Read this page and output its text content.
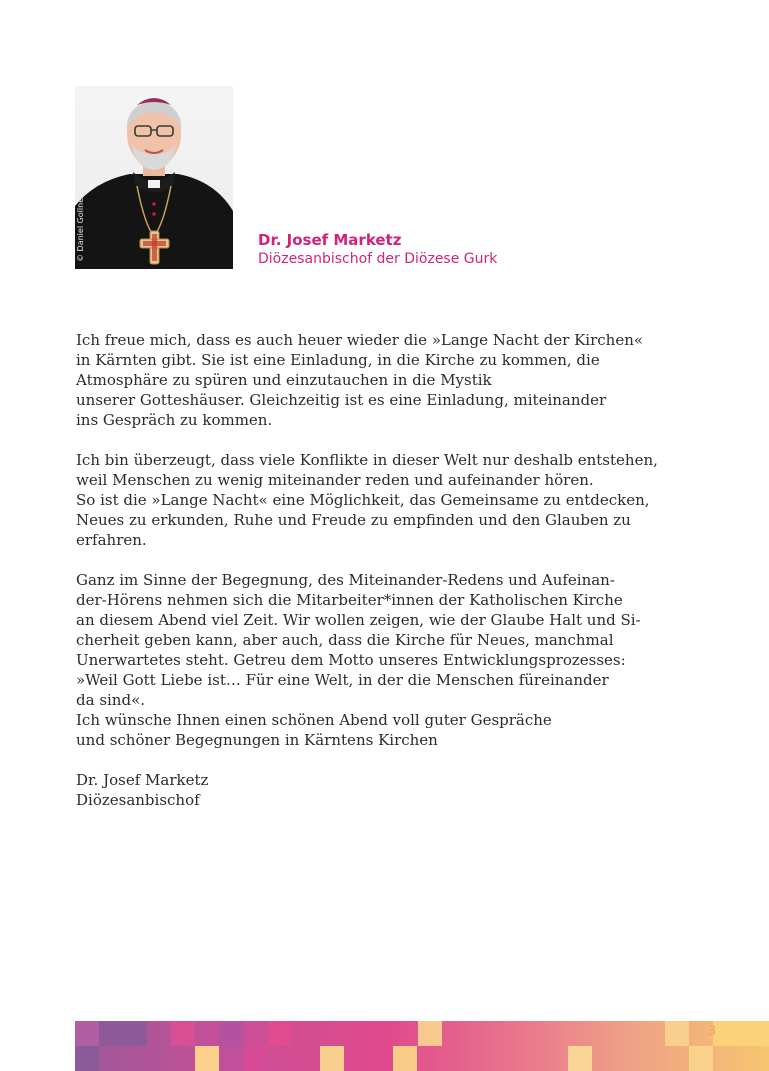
© Daniel Gollner	Dr. Josef Marketz
Diözesanbischof der Diözese Gurk

Ich freue mich, dass es auch heuer wieder die »Lange Nacht der Kirchen«
in Kärnten gibt. Sie ist eine Einladung, in die Kirche zu kommen, die
Atmosphäre zu spüren und einzutauchen in die Mystik
unserer Gotteshäuser. Gleichzeitig ist es eine Einladung, miteinander
ins Gespräch zu kommen.

Ich bin überzeugt, dass viele Konflikte in dieser Welt nur deshalb entstehen,
weil Menschen zu wenig miteinander reden und aufeinander hören.
So ist die »Lange Nacht« eine Möglichkeit, das Gemeinsame zu entdecken,
Neues zu erkunden, Ruhe und Freude zu empfinden und den Glauben zu
erfahren.

Ganz im Sinne der Begegnung, des Miteinander-Redens und Aufeinan-
der-Hörens nehmen sich die Mitarbeiter*innen der Katholischen Kirche
an diesem Abend viel Zeit. Wir wollen zeigen, wie der Glaube Halt und Si-
cherheit geben kann, aber auch, dass die Kirche für Neues, manchmal
Unerwartetes steht. Getreu dem Motto unseres Entwicklungsprozesses:
»Weil Gott Liebe ist… Für eine Welt, in der die Menschen füreinander
da sind«.
Ich wünsche Ihnen einen schönen Abend voll guter Gespräche
und schöner Begegnungen in Kärntens Kirchen

Dr. Josef Marketz
Diözesanbischof

3
